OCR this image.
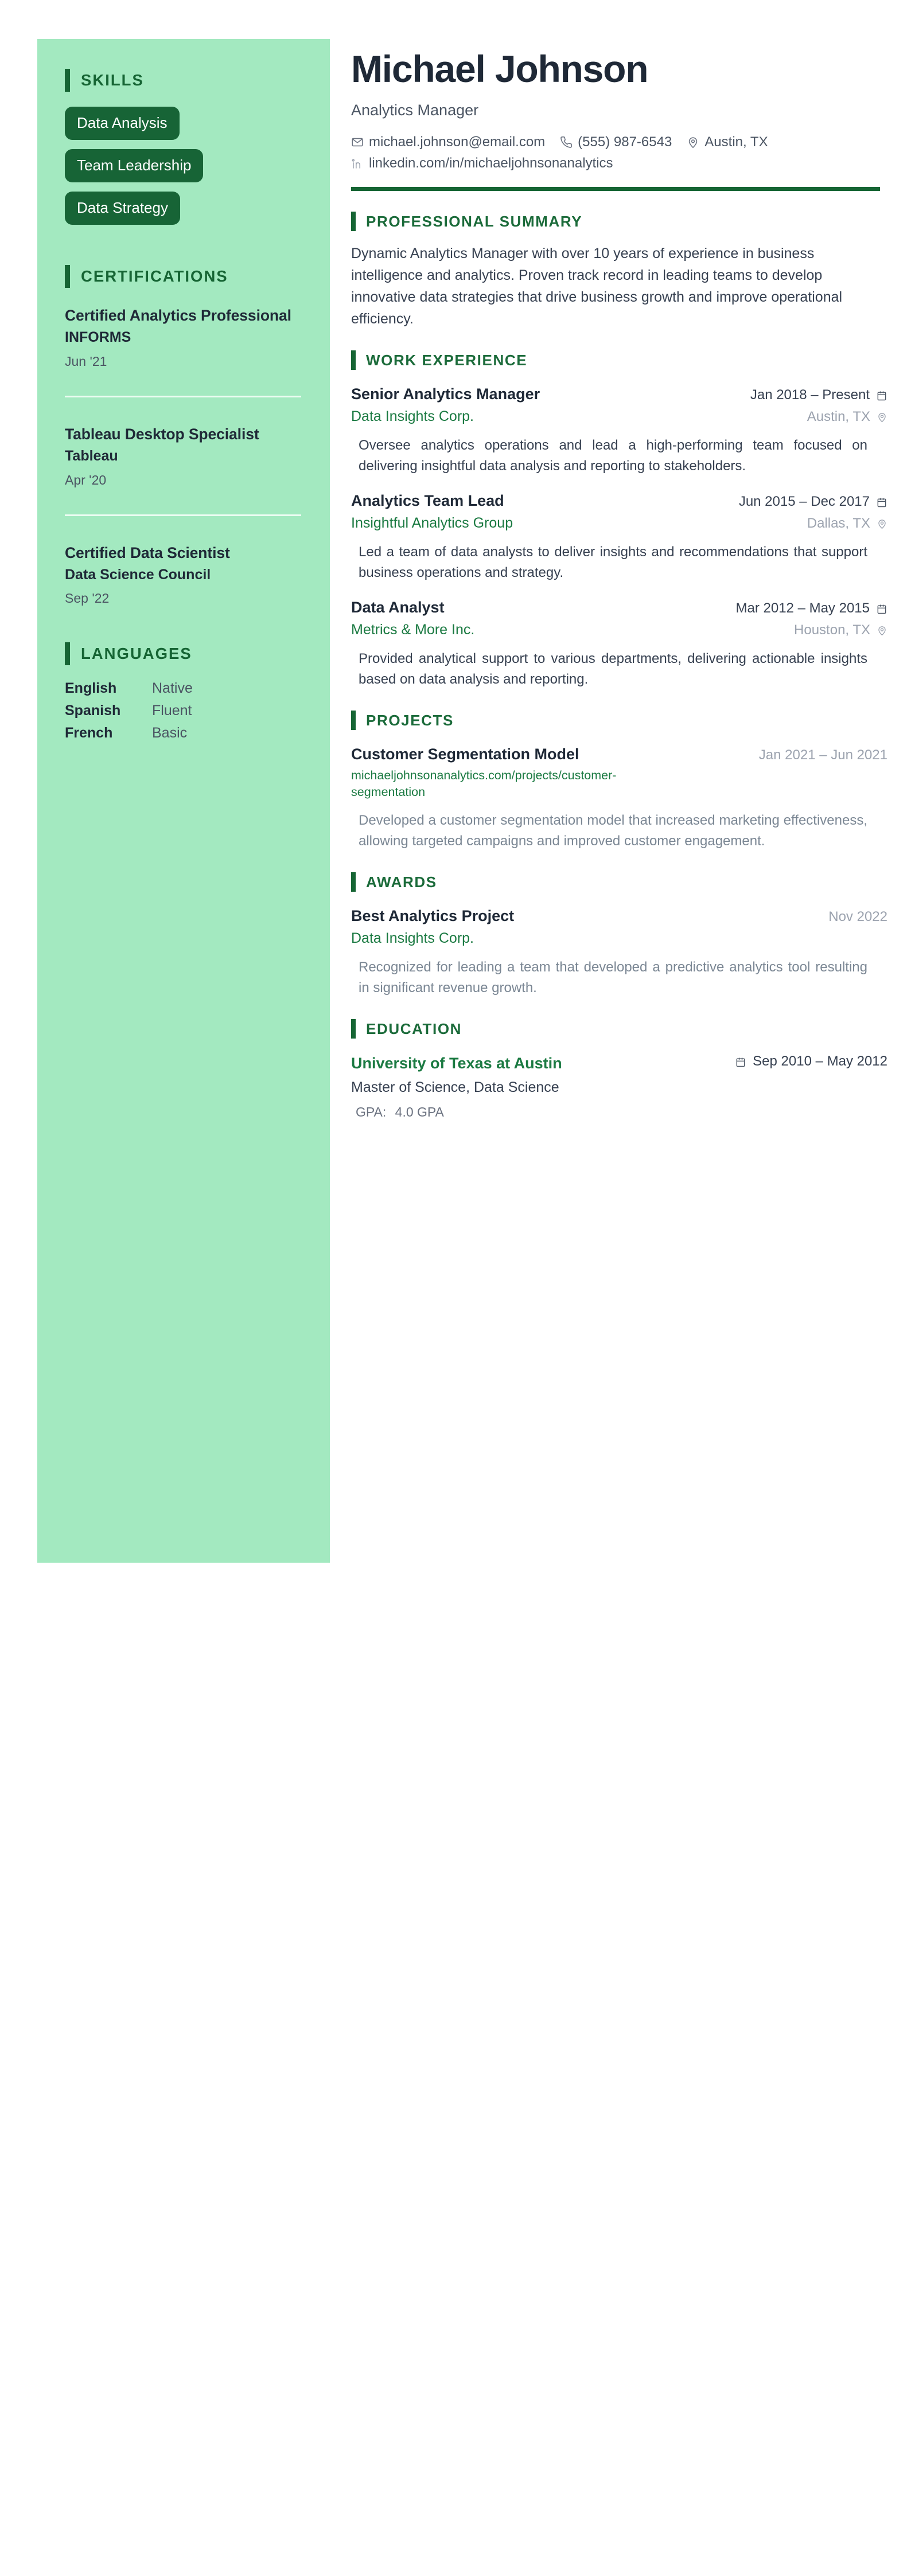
SKILLS
Data Analysis
Team Leadership
Data Strategy
CERTIFICATIONS
Certified Analytics Professional
INFORMS
Jun '21
Tableau Desktop Specialist
Tableau
Apr '20
Certified Data Scientist
Data Science Council
Sep '22
LANGUAGES
English	Native
Spanish	Fluent
French	Basic
Michael Johnson
Analytics Manager
michael.johnson@email.com (555) 987-6543 Austin, TX
linkedin.com/in/michaeljohnsonanalytics
PROFESSIONAL SUMMARY

Dynamic Analytics Manager with over 10 years of experience in business intelligence and analytics. Proven track record in leading teams to develop innovative data strategies that drive business growth and improve operational efficiency.

WORK EXPERIENCE
Senior Analytics Manager	Jan 2018 – Present
Data Insights Corp.	Austin, TX

Oversee analytics operations and lead a high-performing team focused on delivering insightful data analysis and reporting to stakeholders.

Analytics Team Lead	Jun 2015 – Dec 2017
Insightful Analytics Group	Dallas, TX

Led a team of data analysts to deliver insights and recommendations that support business operations and strategy.

Data Analyst	Mar 2012 – May 2015
Metrics & More Inc.	Houston, TX

Provided analytical support to various departments, delivering actionable insights based on data analysis and reporting.

PROJECTS
Customer Segmentation Model	Jan 2021 – Jun 2021
michaeljohnsonanalytics.com/projects/customer-segmentation

Developed a customer segmentation model that increased marketing effectiveness, allowing targeted campaigns and improved customer engagement.

AWARDS
Best Analytics Project	Nov 2022
Data Insights Corp.

Recognized for leading a team that developed a predictive analytics tool resulting in significant revenue growth.

EDUCATION
University of Texas at Austin
Master of Science, Data Science
Sep 2010 – May 2012
GPA: 4.0 GPA
